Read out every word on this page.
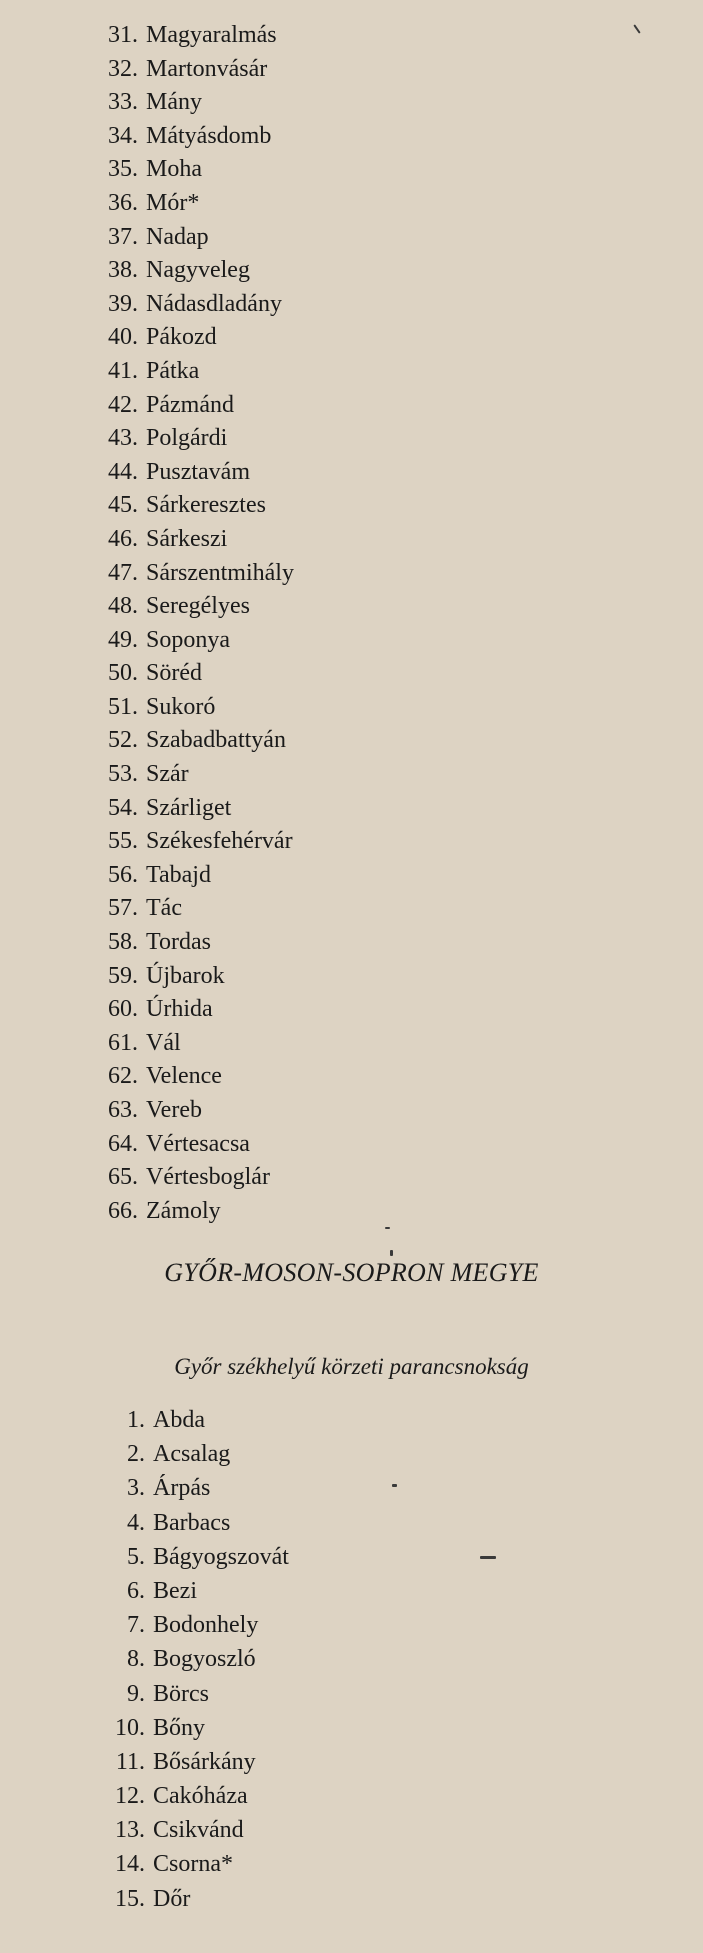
31. Magyaralmás
32. Martonvásár
33. Mány
34. Mátyásdomb
35. Moha
36. Mór*
37. Nadap
38. Nagyveleg
39. Nádasdladány
40. Pákozd
41. Pátka
42. Pázmánd
43. Polgárdi
44. Pusztavám
45. Sárkeresztes
46. Sárkeszi
47. Sárszentmihály
48. Seregélyes
49. Soponya
50. Söréd
51. Sukoró
52. Szabadbattyán
53. Szár
54. Szárliget
55. Székesfehérvár
56. Tabajd
57. Tác
58. Tordas
59. Újbarok
60. Úrhida
61. Vál
62. Velence
63. Vereb
64. Vértesacsa
65. Vértesboglár
66. Zámoly
GYŐR-MOSON-SOPRON MEGYE
Győr székhelyű körzeti parancsnokság
1. Abda
2. Acsalag
3. Árpás
4. Barbacs
5. Bágyogszovát
6. Bezi
7. Bodonhely
8. Bogyoszló
9. Börcs
10. Bőny
11. Bősárkány
12. Cakóháza
13. Csikvánd
14. Csorna*
15. Dőr
